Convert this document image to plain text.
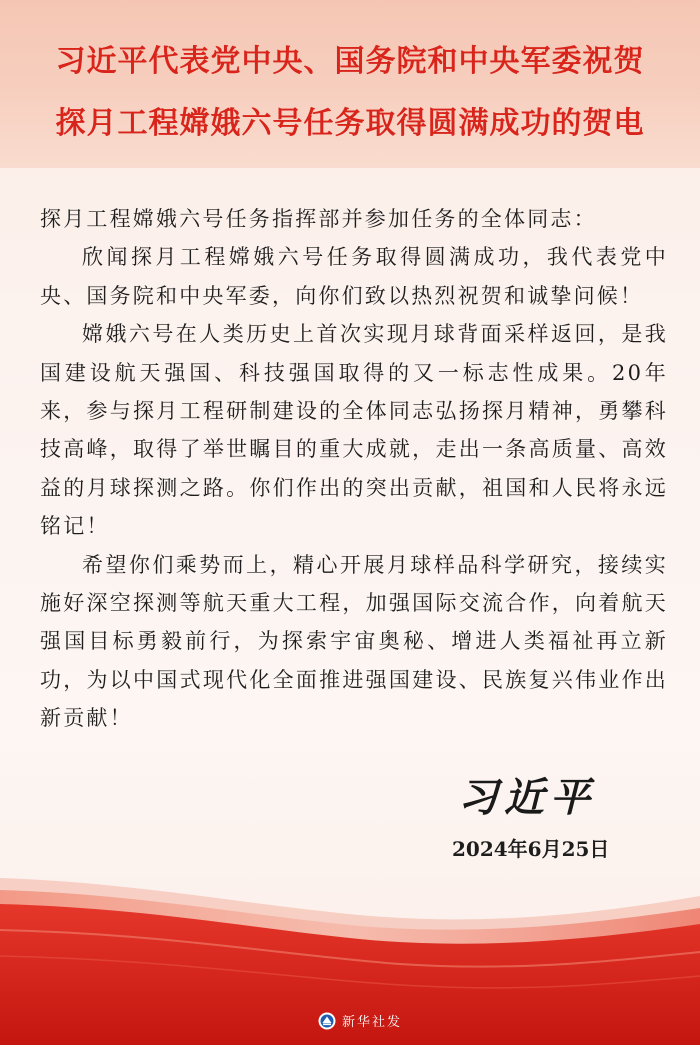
习近平代表党中央、国务院和中央军委祝贺
探月工程嫦娥六号任务取得圆满成功的贺电

探月工程嫦娥六号任务指挥部并参加任务的全体同志：

欣闻探月工程嫦娥六号任务取得圆满成功，我代表党中央、国务院和中央军委，向你们致以热烈祝贺和诚挚问候！

嫦娥六号在人类历史上首次实现月球背面采样返回，是我国建设航天强国、科技强国取得的又一标志性成果。20年来，参与探月工程研制建设的全体同志弘扬探月精神，勇攀科技高峰，取得了举世瞩目的重大成就，走出一条高质量、高效益的月球探测之路。你们作出的突出贡献，祖国和人民将永远铭记！

希望你们乘势而上，精心开展月球样品科学研究，接续实施好深空探测等航天重大工程，加强国际交流合作，向着航天强国目标勇毅前行，为探索宇宙奥秘、增进人类福祉再立新功，为以中国式现代化全面推进强国建设、民族复兴伟业作出新贡献！

习近平
2024年6月25日
新华社发
